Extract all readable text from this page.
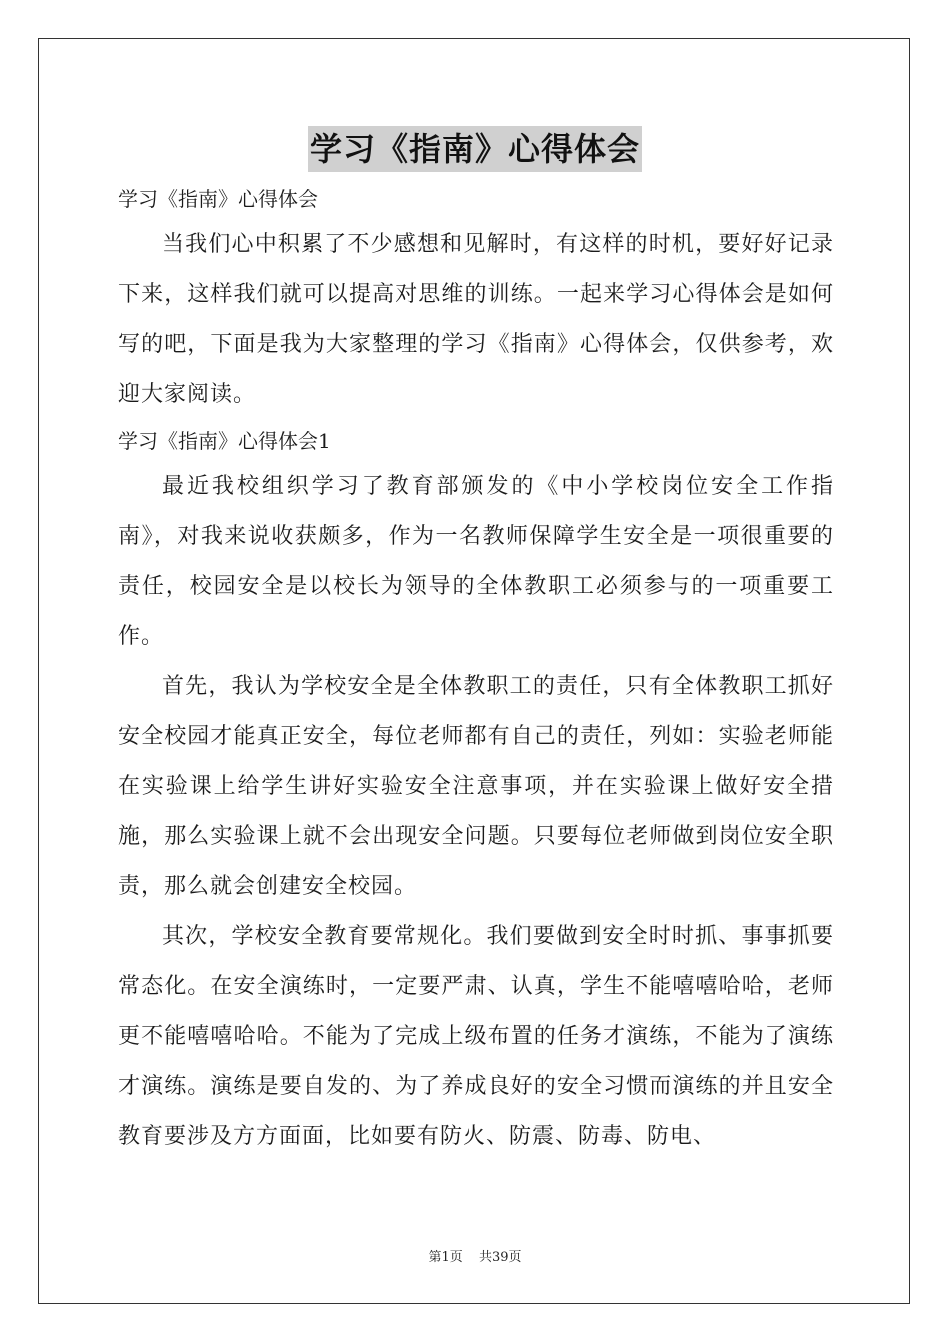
学习《指南》心得体会

学习《指南》心得体会

当我们心中积累了不少感想和见解时，有这样的时机，要好好记录下来，这样我们就可以提高对思维的训练。一起来学习心得体会是如何写的吧，下面是我为大家整理的学习《指南》心得体会，仅供参考，欢迎大家阅读。

学习《指南》心得体会1

最近我校组织学习了教育部颁发的《中小学校岗位安全工作指南》，对我来说收获颇多，作为一名教师保障学生安全是一项很重要的责任，校园安全是以校长为领导的全体教职工必须参与的一项重要工作。

首先，我认为学校安全是全体教职工的责任，只有全体教职工抓好安全校园才能真正安全，每位老师都有自己的责任，列如：实验老师能在实验课上给学生讲好实验安全注意事项，并在实验课上做好安全措施，那么实验课上就不会出现安全问题。只要每位老师做到岗位安全职责，那么就会创建安全校园。

其次，学校安全教育要常规化。我们要做到安全时时抓、事事抓要常态化。在安全演练时，一定要严肃、认真，学生不能嘻嘻哈哈，老师更不能嘻嘻哈哈。不能为了完成上级布置的任务才演练，不能为了演练才演练。演练是要自发的、为了养成良好的安全习惯而演练的并且安全教育要涉及方方面面，比如要有防火、防震、防毒、防电、

第1页 共39页
